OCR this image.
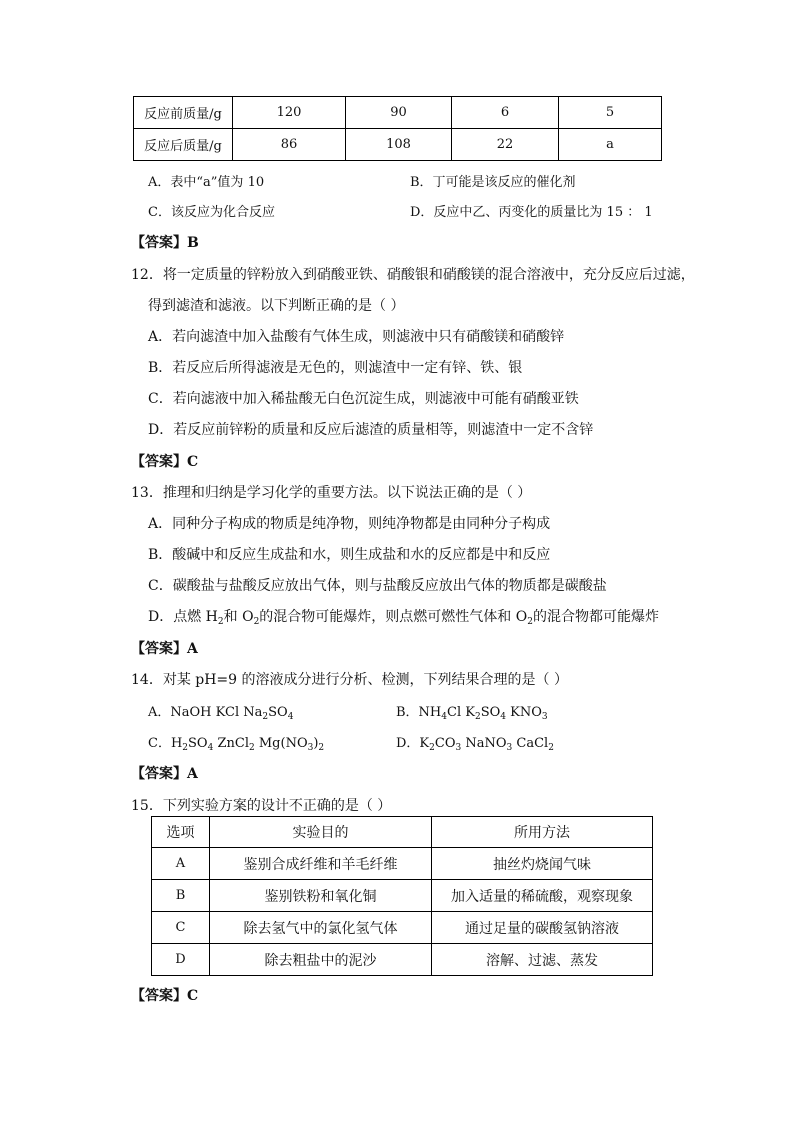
反应前质量/g	120	90	6	5
反应后质量/g	86	108	22	a
A．表中“a”值为 10	B．丁可能是该反应的催化剂
C．该反应为化合反应	D．反应中乙、丙变化的质量比为 15 ： 1
【答案】B
12．将一定质量的锌粉放入到硝酸亚铁、硝酸银和硝酸镁的混合溶液中，充分反应后过滤，
得到滤渣和滤液。以下判断正确的是（ ）
A．若向滤渣中加入盐酸有气体生成，则滤液中只有硝酸镁和硝酸锌
B．若反应后所得滤液是无色的，则滤渣中一定有锌、铁、银
C．若向滤液中加入稀盐酸无白色沉淀生成，则滤液中可能有硝酸亚铁
D．若反应前锌粉的质量和反应后滤渣的质量相等，则滤渣中一定不含锌
【答案】C
13．推理和归纳是学习化学的重要方法。以下说法正确的是（ ）
A．同种分子构成的物质是纯净物，则纯净物都是由同种分子构成
B．酸碱中和反应生成盐和水，则生成盐和水的反应都是中和反应
C．碳酸盐与盐酸反应放出气体，则与盐酸反应放出气体的物质都是碳酸盐
D．点燃 $H_2$和 $O_2$的混合物可能爆炸，则点燃可燃性气体和 $O_2$的混合物都可能爆炸
【答案】A
14．对某 pH=9 的溶液成分进行分析、检测，下列结果合理的是（ ）
A．NaOH KCl $Na_2SO_4$	B．$NH_4Cl$ $K_2SO_4$ $KNO_3$
C．$H_2SO_4$ ZnCl$_2$ $Mg(NO_3)_2$	D．$K_2CO_3$ NaNO$_3$ CaCl$_2$
【答案】A
15．下列实验方案的设计不正确的是（ ）
选项	实验目的	所用方法
A	鉴别合成纤维和羊毛纤维	抽丝灼烧闻气味
B	鉴别铁粉和氧化铜	加入适量的稀硫酸，观察现象
C	除去氢气中的氯化氢气体	通过足量的碳酸氢钠溶液
D	除去粗盐中的泥沙	溶解、过滤、蒸发
【答案】C
